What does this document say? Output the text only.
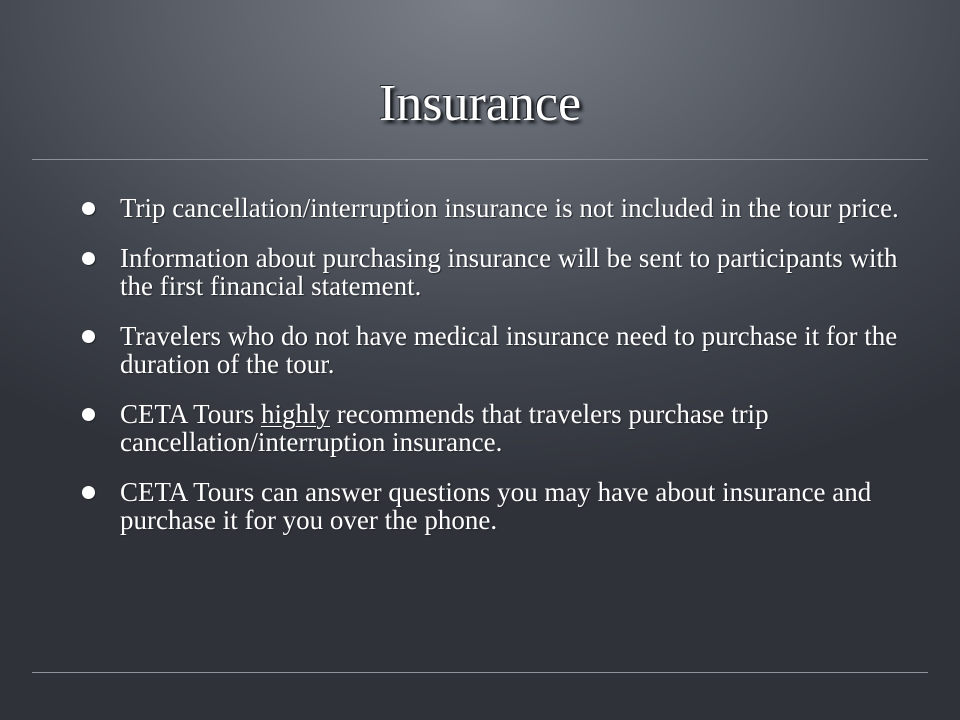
Insurance
Trip cancellation/interruption insurance is not included in the tour price.
Information about purchasing insurance will be sent to participants with the first financial statement.
Travelers who do not have medical insurance need to purchase it for the duration of the tour.
CETA Tours highly recommends that travelers purchase trip cancellation/interruption insurance.
CETA Tours can answer questions you may have about insurance and purchase it for you over the phone.
